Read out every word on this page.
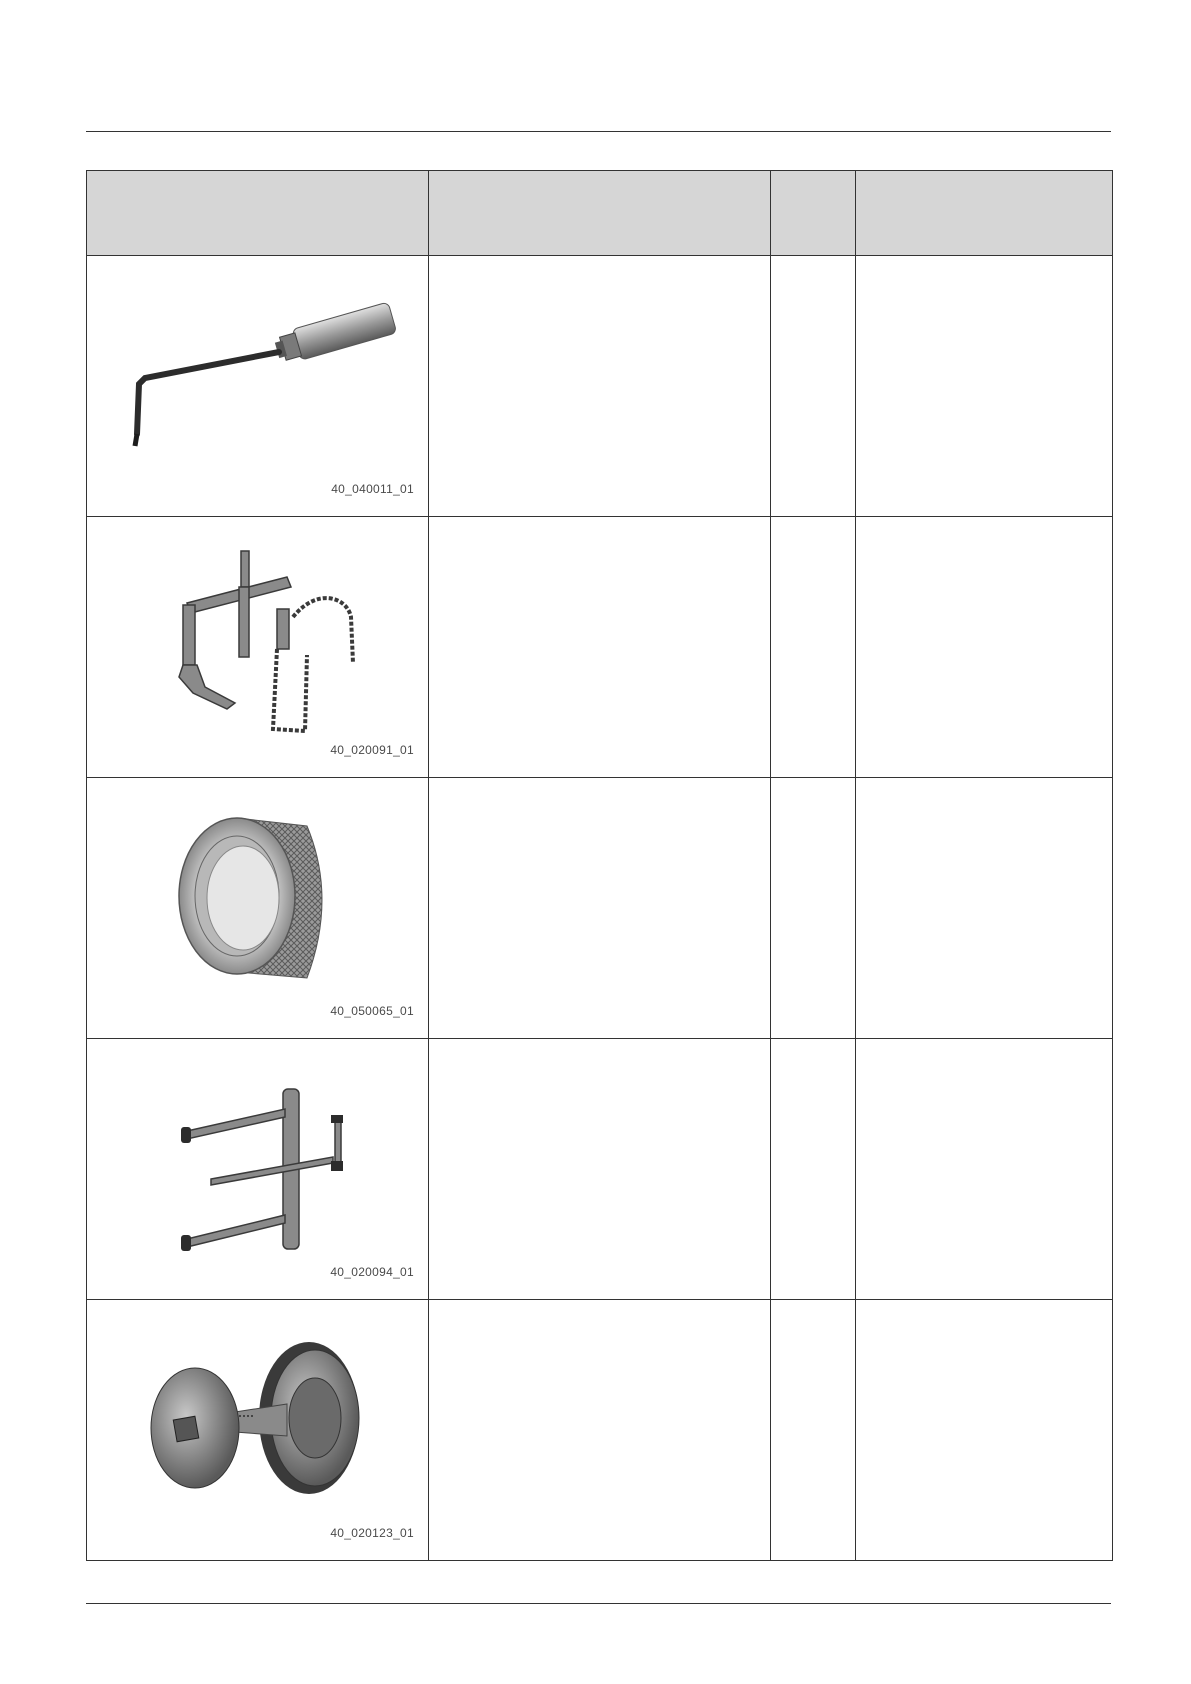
40_040011_01			

40_020091_01			

40_050065_01			

40_020094_01			

40_020123_01			
